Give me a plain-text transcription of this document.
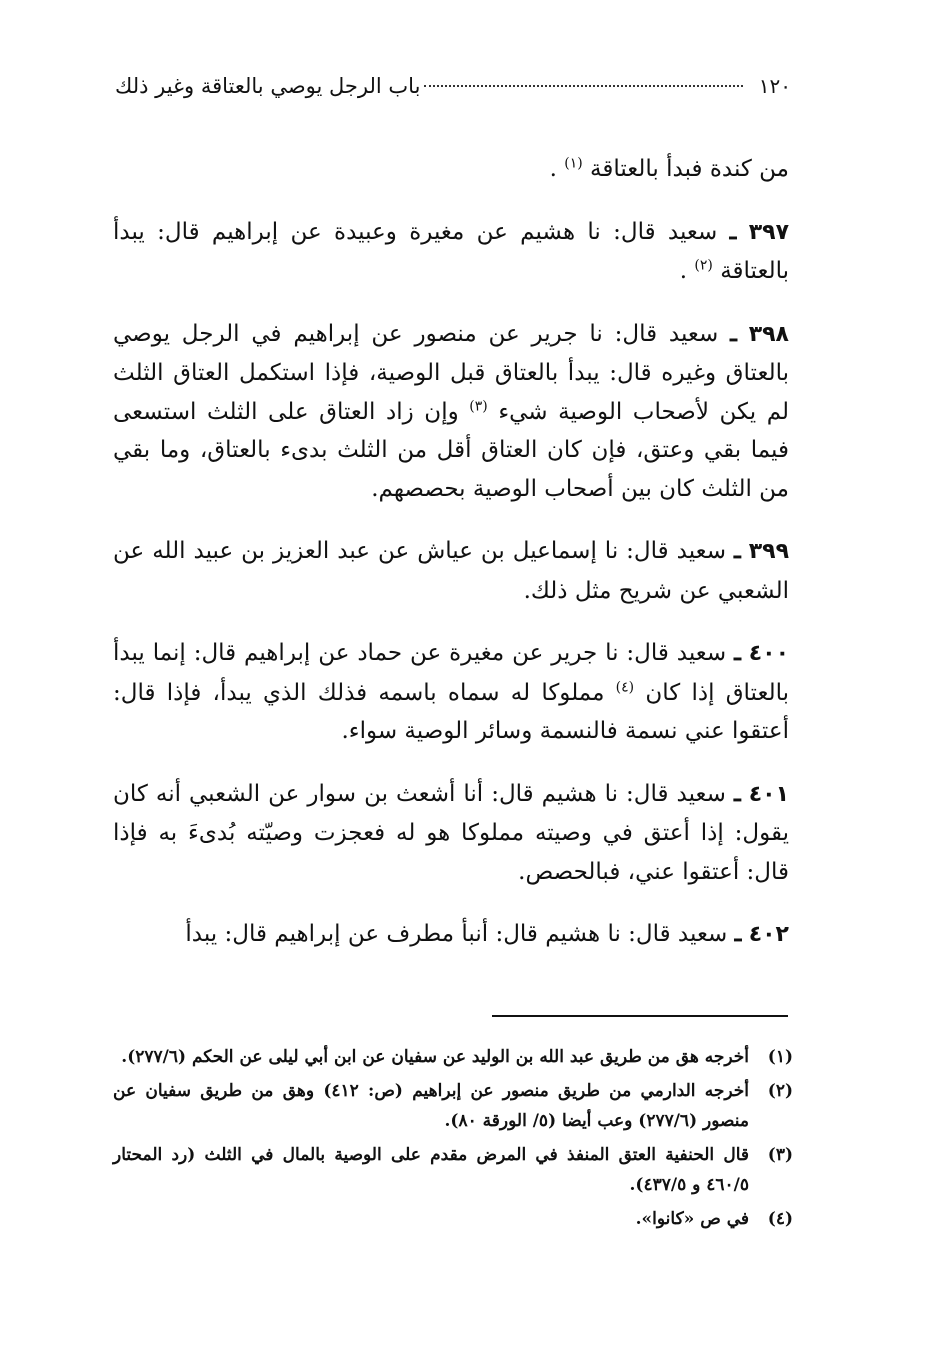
١٢٠
باب الرجل يوصي بالعتاقة وغير ذلك

من كندة فبدأ بالعتاقة $^{(١)}$ .

٣٩٧ ـ سعيد قال: نا هشيم عن مغيرة وعبيدة عن إبراهيم قال: يبدأ بالعتاقة $^{(٢)}$ .

٣٩٨ ـ سعيد قال: نا جرير عن منصور عن إبراهيم في الرجل يوصي بالعتاق وغيره قال: يبدأ بالعتاق قبل الوصية، فإذا استكمل العتاق الثلث لم يكن لأصحاب الوصية شيء $^{(٣)}$ وإن زاد العتاق على الثلث استسعى فيما بقي وعتق، فإن كان العتاق أقل من الثلث بدىء بالعتاق، وما بقي من الثلث كان بين أصحاب الوصية بحصصهم.

٣٩٩ ـ سعيد قال: نا إسماعيل بن عياش عن عبد العزيز بن عبيد الله عن الشعبي عن شريح مثل ذلك.

٤٠٠ ـ سعيد قال: نا جرير عن مغيرة عن حماد عن إبراهيم قال: إنما يبدأ بالعتاق إذا كان $^{(٤)}$ مملوكا له سماه باسمه فذلك الذي يبدأ، فإذا قال: أعتقوا عني نسمة فالنسمة وسائر الوصية سواء.

٤٠١ ـ سعيد قال: نا هشيم قال: أنا أشعث بن سوار عن الشعبي أنه كان يقول: إذا أعتق في وصيته مملوكا هو له فعجزت وصيّته بُدىءَ به فإذا قال: أعتقوا عني، فبالحصص.

٤٠٢ ـ سعيد قال: نا هشيم قال: أنبأ مطرف عن إبراهيم قال: يبدأ

(١)
أخرجه هق من طريق عبد الله بن الوليد عن سفيان عن ابن أبي ليلى عن الحكم (٢٧٧/٦).
(٢)
أخرجه الدارمي من طريق منصور عن إبراهيم (ص: ٤١٢) وهق من طريق سفيان عن منصور (٢٧٧/٦) وعب أيضا (٥/ الورقة ٨٠).
(٣)
قال الحنفية العتق المنفذ في المرض مقدم على الوصية بالمال في الثلث (رد المحتار ٤٦٠/٥ و ٤٣٧/٥).
(٤)
في ص «كانوا».
